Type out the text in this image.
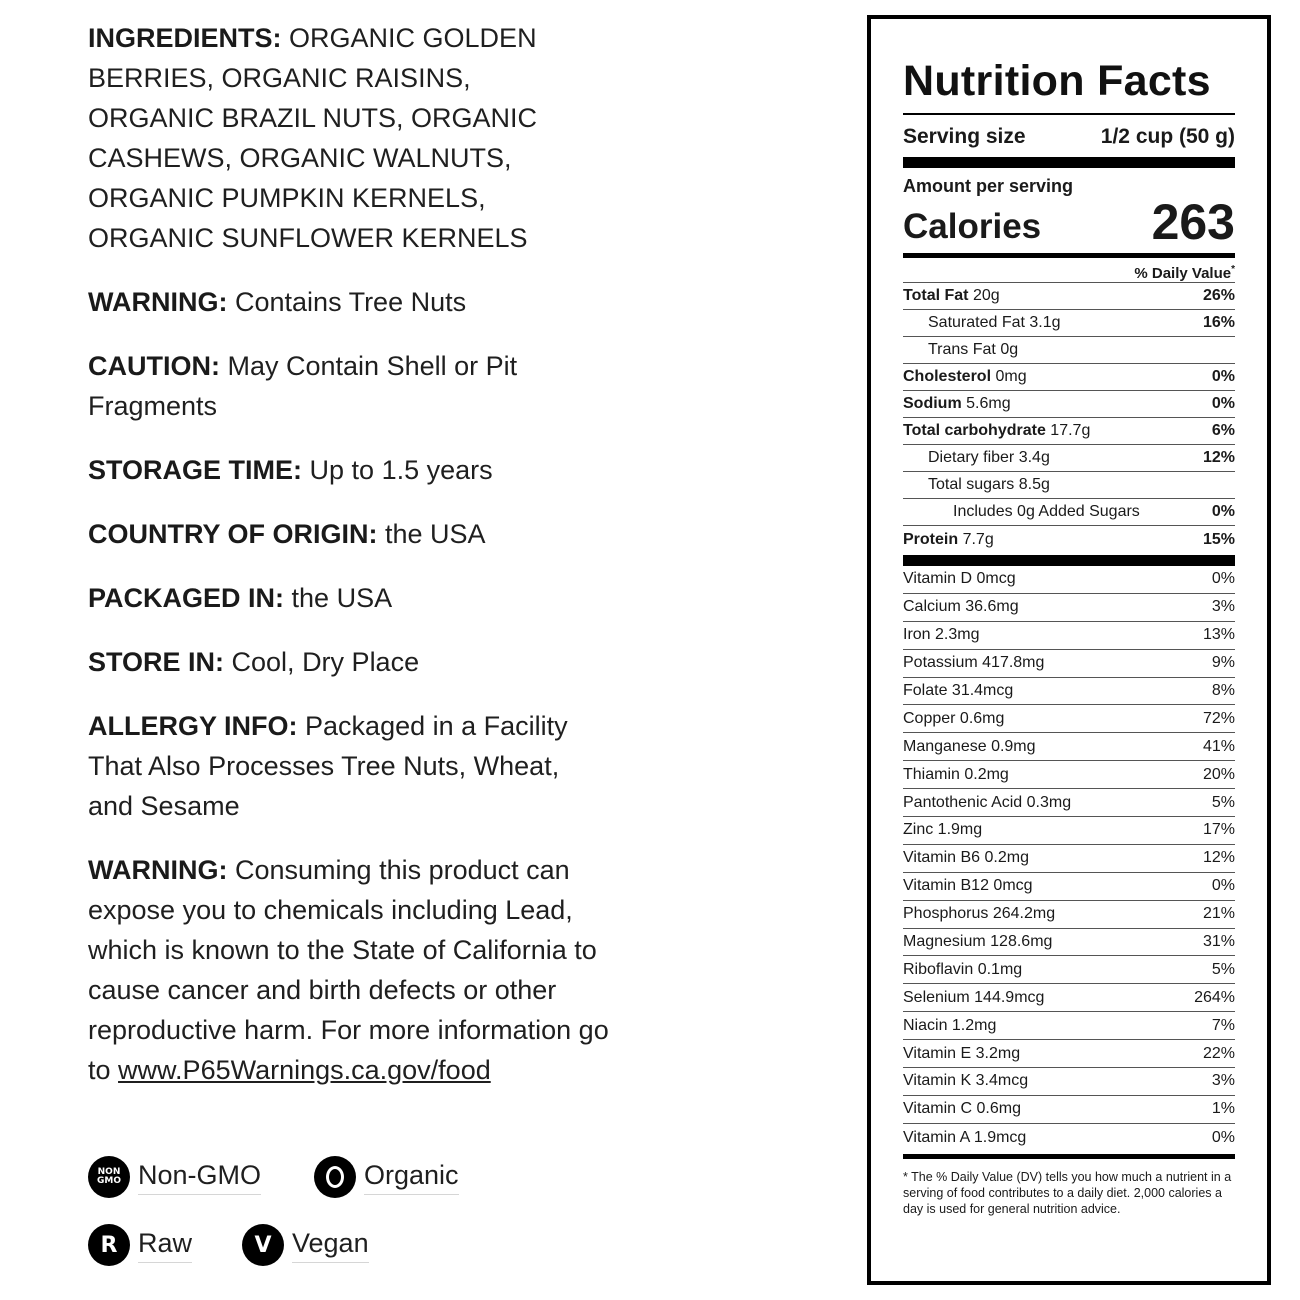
INGREDIENTS: ORGANIC GOLDEN BERRIES, ORGANIC RAISINS, ORGANIC BRAZIL NUTS, ORGANIC CASHEWS, ORGANIC WALNUTS, ORGANIC PUMPKIN KERNELS, ORGANIC SUNFLOWER KERNELS

WARNING: Contains Tree Nuts

CAUTION: May Contain Shell or Pit Fragments

STORAGE TIME: Up to 1.5 years

COUNTRY OF ORIGIN: the USA

PACKAGED IN: the USA

STORE IN: Cool, Dry Place

ALLERGY INFO: Packaged in a Facility That Also Processes Tree Nuts, Wheat, and Sesame

WARNING: Consuming this product can expose you to chemicals including Lead, which is known to the State of California to cause cancer and birth defects or other reproductive harm. For more information go to www.P65Warnings.ca.gov/food

NON
GMO Non-GMO	Organic
R Raw	V Vegan
Nutrition Facts
Serving size	1/2 cup (50 g)
Amount per serving
Calories 263
% Daily Value*
Total Fat 20g	26%
Saturated Fat 3.1g	16%
Trans Fat 0g
Cholesterol 0mg	0%
Sodium 5.6mg	0%
Total carbohydrate 17.7g	6%
Dietary fiber 3.4g	12%
Total sugars 8.5g
Includes 0g Added Sugars	0%
Protein 7.7g	15%
Vitamin D 0mcg	0%
Calcium 36.6mg	3%
Iron 2.3mg	13%
Potassium 417.8mg	9%
Folate 31.4mcg	8%
Copper 0.6mg	72%
Manganese 0.9mg	41%
Thiamin 0.2mg	20%
Pantothenic Acid 0.3mg	5%
Zinc 1.9mg	17%
Vitamin B6 0.2mg	12%
Vitamin B12 0mcg	0%
Phosphorus 264.2mg	21%
Magnesium 128.6mg	31%
Riboflavin 0.1mg	5%
Selenium 144.9mcg	264%
Niacin 1.2mg	7%
Vitamin E 3.2mg	22%
Vitamin K 3.4mcg	3%
Vitamin C 0.6mg	1%
Vitamin A 1.9mcg	0%
* The % Daily Value (DV) tells you how much a nutrient in a serving of food contributes to a daily diet. 2,000 calories a day is used for general nutrition advice.
